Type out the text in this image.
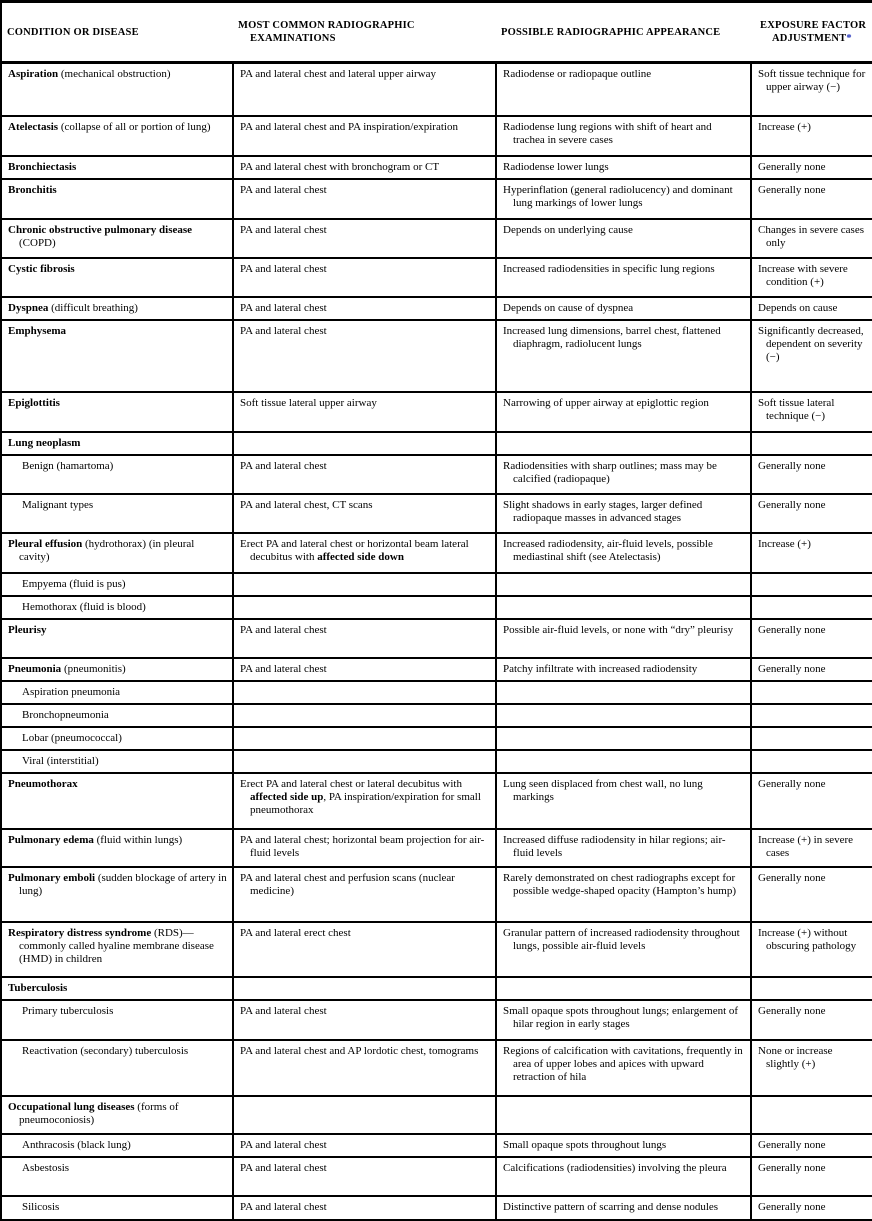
CONDITION OR DISEASE	MOST COMMON RADIOGRAPHIC EXAMINATIONS	POSSIBLE RADIOGRAPHIC APPEARANCE	EXPOSURE FACTOR ADJUSTMENT*

Aspiration (mechanical obstruction)	PA and lateral chest and lateral upper airway	Radiodense or radiopaque outline	Soft tissue technique for upper airway (−)

Atelectasis (collapse of all or portion of lung)	PA and lateral chest and PA inspiration/expiration	Radiodense lung regions with shift of heart and trachea in severe cases	Increase (+)

Bronchiectasis	PA and lateral chest with bronchogram or CT	Radiodense lower lungs	Generally none

Bronchitis	PA and lateral chest	Hyperinflation (general radiolucency) and dominant lung markings of lower lungs	Generally none

Chronic obstructive pulmonary disease (COPD)	PA and lateral chest	Depends on underlying cause	Changes in severe cases only

Cystic fibrosis	PA and lateral chest	Increased radiodensities in specific lung regions	Increase with severe condition (+)

Dyspnea (difficult breathing)	PA and lateral chest	Depends on cause of dyspnea	Depends on cause

Emphysema	PA and lateral chest	Increased lung dimensions, barrel chest, flattened diaphragm, radiolucent lungs	Significantly decreased, dependent on severity (−)

Epiglottitis	Soft tissue lateral upper airway	Narrowing of upper airway at epiglottic region	Soft tissue lateral technique (−)

Lung neoplasm			

Benign (hamartoma)	PA and lateral chest	Radiodensities with sharp outlines; mass may be calcified (radiopaque)	Generally none

Malignant types	PA and lateral chest, CT scans	Slight shadows in early stages, larger defined radiopaque masses in advanced stages	Generally none

Pleural effusion (hydrothorax) (in pleural cavity)	Erect PA and lateral chest or horizontal beam lateral decubitus with affected side down	Increased radiodensity, air-fluid levels, possible mediastinal shift (see Atelectasis)	Increase (+)

Empyema (fluid is pus)			

Hemothorax (fluid is blood)			

Pleurisy	PA and lateral chest	Possible air-fluid levels, or none with “dry” pleurisy	Generally none

Pneumonia (pneumonitis)	PA and lateral chest	Patchy infiltrate with increased radiodensity	Generally none

Aspiration pneumonia			

Bronchopneumonia			

Lobar (pneumococcal)			

Viral (interstitial)			

Pneumothorax	Erect PA and lateral chest or lateral decubitus with affected side up, PA inspiration/expiration for small pneumothorax	Lung seen displaced from chest wall, no lung markings	Generally none

Pulmonary edema (fluid within lungs)	PA and lateral chest; horizontal beam projection for air-fluid levels	Increased diffuse radiodensity in hilar regions; air-fluid levels	Increase (+) in severe cases

Pulmonary emboli (sudden blockage of artery in lung)	PA and lateral chest and perfusion scans (nuclear medicine)	Rarely demonstrated on chest radiographs except for possible wedge-shaped opacity (Hampton’s hump)	Generally none

Respiratory distress syndrome (RDS)—commonly called hyaline membrane disease (HMD) in children	PA and lateral erect chest	Granular pattern of increased radiodensity throughout lungs, possible air-fluid levels	Increase (+) without obscuring pathology

Tuberculosis			

Primary tuberculosis	PA and lateral chest	Small opaque spots throughout lungs; enlargement of hilar region in early stages	Generally none

Reactivation (secondary) tuberculosis	PA and lateral chest and AP lordotic chest, tomograms	Regions of calcification with cavitations, frequently in area of upper lobes and apices with upward retraction of hila	None or increase slightly (+)

Occupational lung diseases (forms of pneumoconiosis)			

Anthracosis (black lung)	PA and lateral chest	Small opaque spots throughout lungs	Generally none

Asbestosis	PA and lateral chest	Calcifications (radiodensities) involving the pleura	Generally none

Silicosis	PA and lateral chest	Distinctive pattern of scarring and dense nodules	Generally none
